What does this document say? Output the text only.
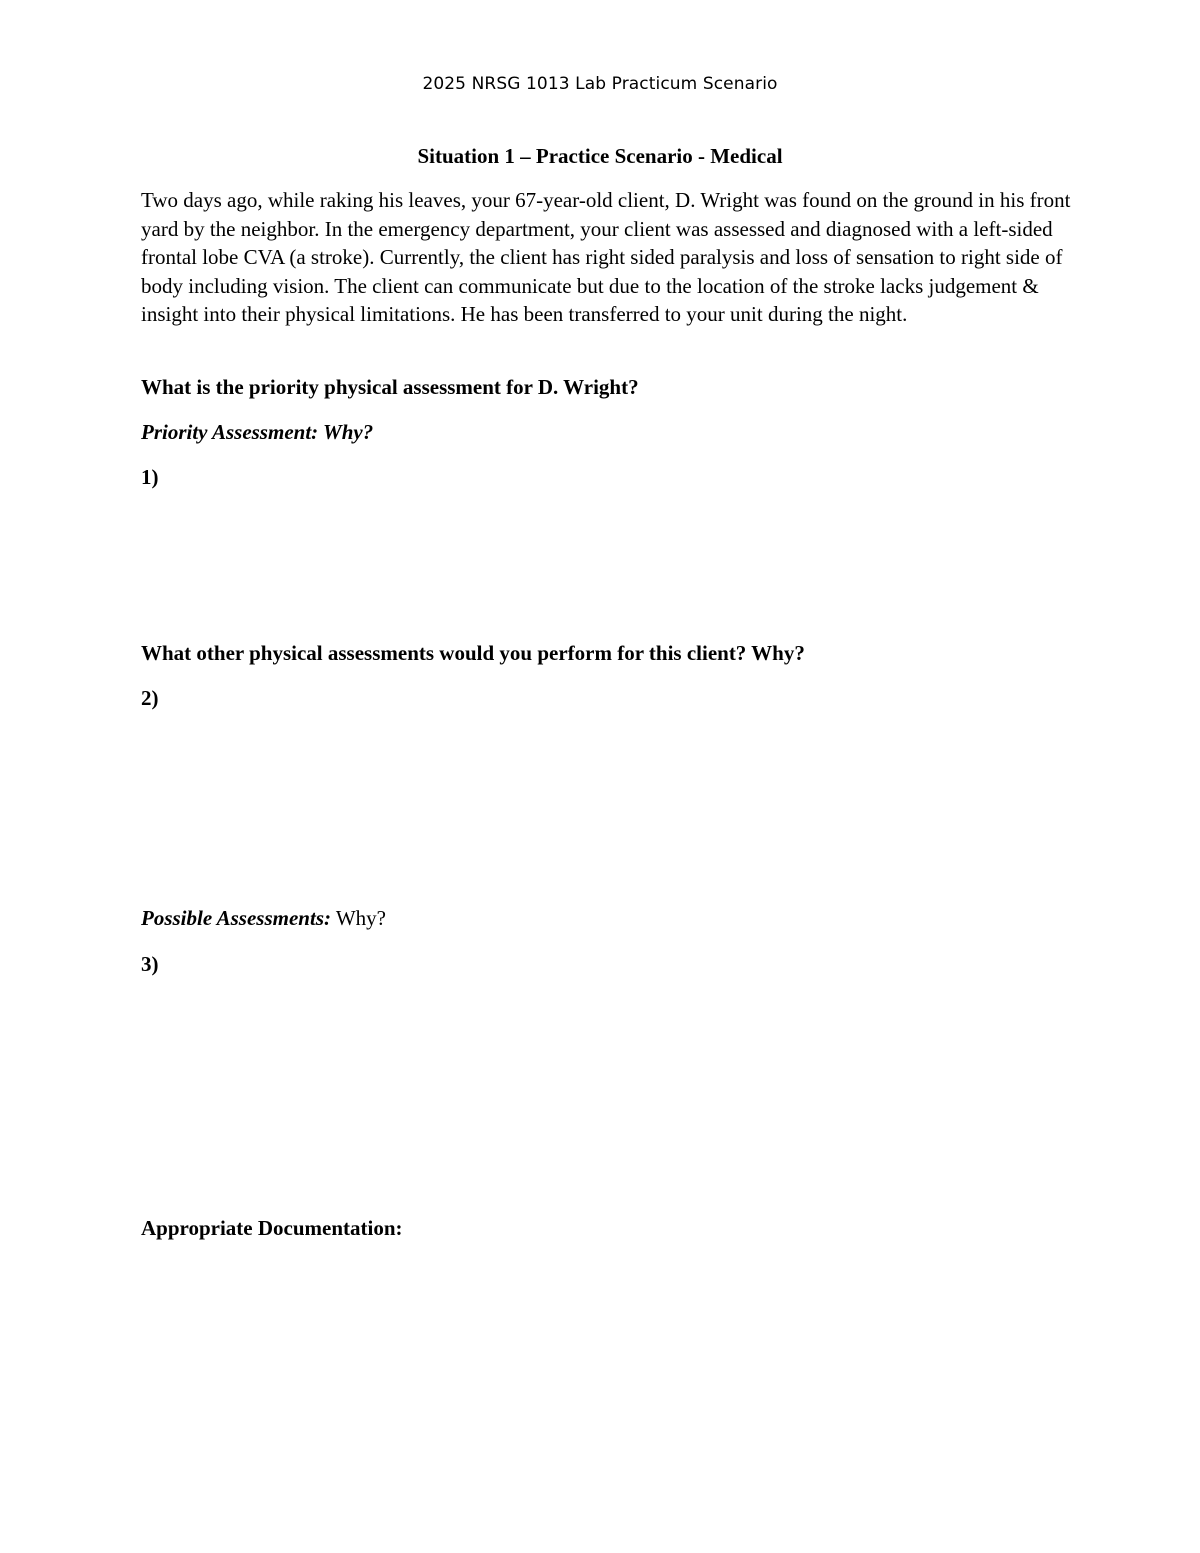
2025 NRSG 1013 Lab Practicum Scenario
Situation 1 – Practice Scenario - Medical
Two days ago, while raking his leaves, your 67-year-old client, D. Wright was found on the ground in his front yard by the neighbor. In the emergency department, your client was assessed and diagnosed with a left-sided frontal lobe CVA (a stroke). Currently, the client has right sided paralysis and loss of sensation to right side of body including vision. The client can communicate but due to the location of the stroke lacks judgement & insight into their physical limitations. He has been transferred to your unit during the night.
What is the priority physical assessment for D. Wright?
Priority Assessment: Why?
1)
What other physical assessments would you perform for this client? Why?
2)
Possible Assessments: Why?
3)
Appropriate Documentation:
